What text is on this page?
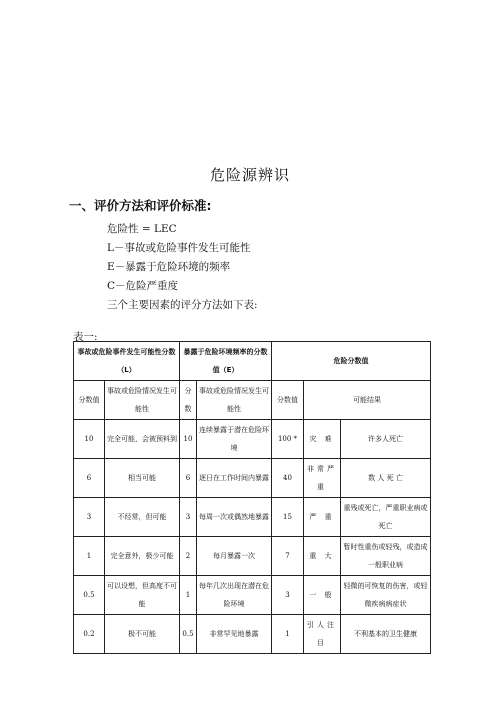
危险源辨识
一、评价方法和评价标准:
危险性 = LEC
L－事故或危险事件发生可能性
E－暴露于危险环境的频率
C－危险严重度
三个主要因素的评分方法如下表:
表一:
事故或危险事件发生可能性分数（L）		暴露于危险环境频率的分数值（E）		危险分数值		
分数值	事故或危险情况发生可能性	分数	事故或危险情况发生可能性	分数值	可能结果	
10	完全可能，会被预料到	10	连续暴露于潜在危险环境	100 *	灾 难	许多人死亡
6	相当可能	6	逐日在工作时间内暴露	40	非常严重	数 人 死 亡
3	不经常，但可能	3	每周一次或偶然地暴露	15	严 重	重残或死亡，严重职业病或死亡
1	完全意外，极少可能	2	每月暴露一次	7	重 大	暂时性重伤或轻残，或造成一般职业病
0.5	可以设想，但高度不可能	1	每年几次出现在潜在危险环境	3	一 般	轻微的可恢复的伤害，或轻微疾病病症状
0.2	极不可能	0.5	非常罕见地暴露	1	引人注目	不利基本的卫生健康
